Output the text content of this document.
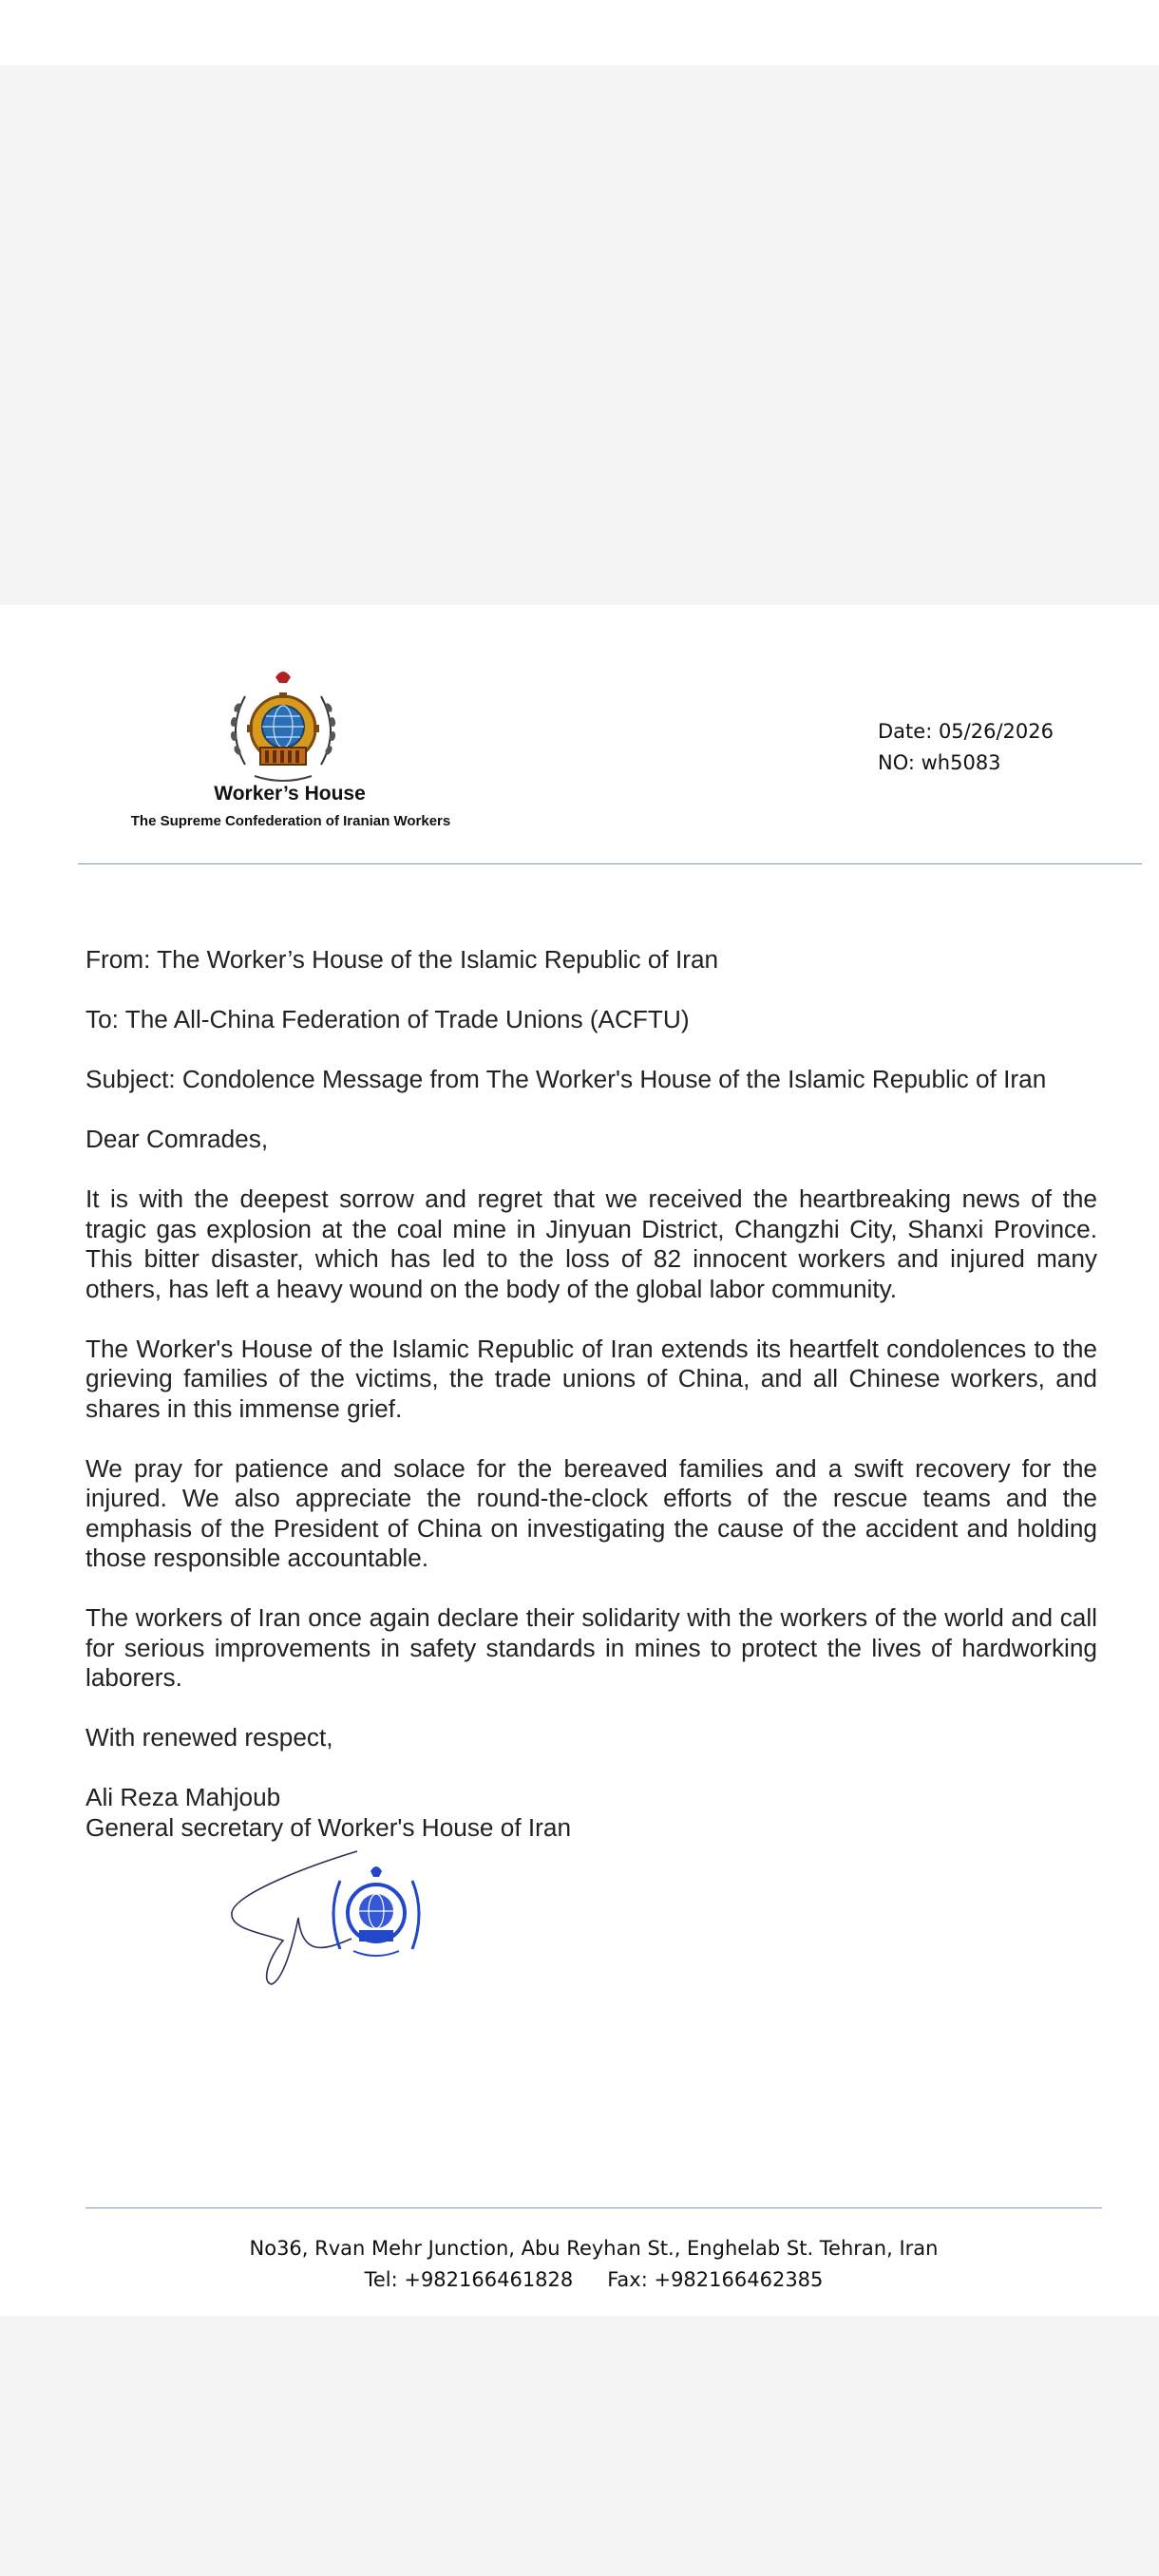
Worker’s House
The Supreme Confederation of Iranian Workers
Date: 05/26/2026
NO: wh5083

From: The Worker’s House of the Islamic Republic of Iran

To: The All-China Federation of Trade Unions (ACFTU)

Subject: Condolence Message from The Worker's House of the Islamic Republic of Iran

Dear Comrades,

It is with the deepest sorrow and regret that we received the heartbreaking news of the tragic gas explosion at the coal mine in Jinyuan District, Changzhi City, Shanxi Province. This bitter disaster, which has led to the loss of 82 innocent workers and injured many others, has left a heavy wound on the body of the global labor community.

The Worker's House of the Islamic Republic of Iran extends its heartfelt condolences to the grieving families of the victims, the trade unions of China, and all Chinese workers, and shares in this immense grief.

We pray for patience and solace for the bereaved families and a swift recovery for the injured. We also appreciate the round-the-clock efforts of the rescue teams and the emphasis of the President of China on investigating the cause of the accident and holding those responsible accountable.

The workers of Iran once again declare their solidarity with the workers of the world and call for serious improvements in safety standards in mines to protect the lives of hardworking laborers.

With renewed respect,

Ali Reza Mahjoub

General secretary of Worker's House of Iran

No36, Rvan Mehr Junction, Abu Reyhan St., Enghelab St. Tehran, Iran
Tel: +982166461828 Fax: +982166462385
